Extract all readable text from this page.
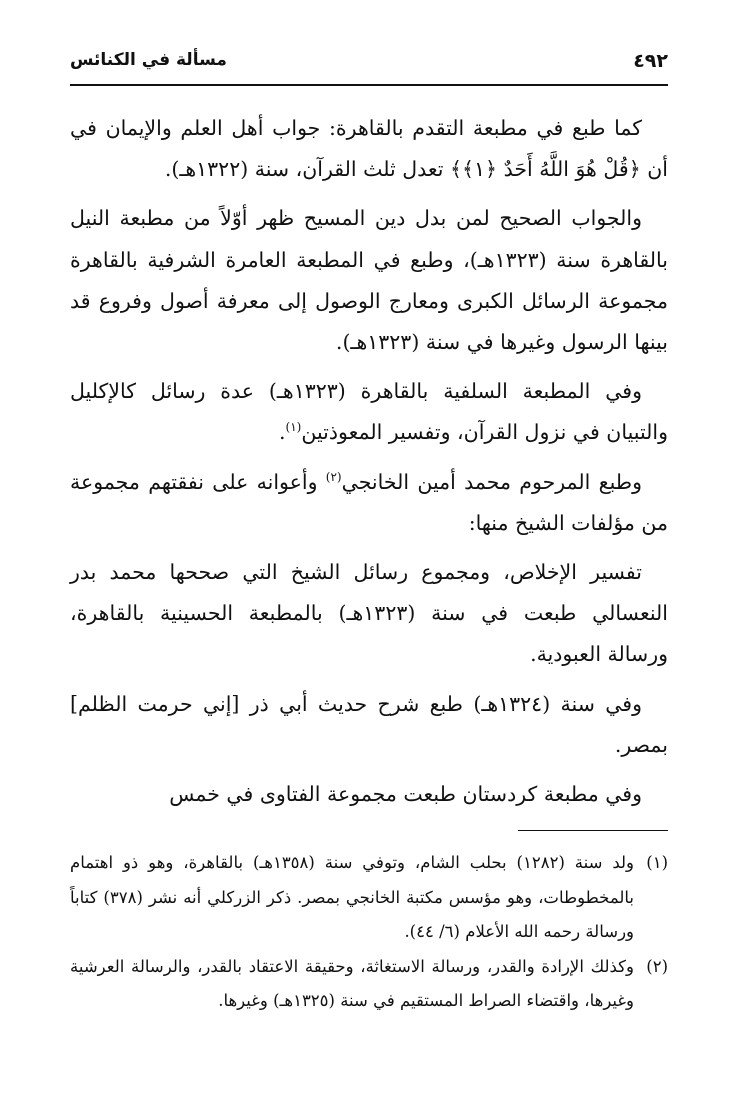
٤٩٢
مسألة في الكنائس

كما طبع في مطبعة التقدم بالقاهرة: جواب أهل العلم والإيمان في أن ﴿قُلْ هُوَ اللَّهُ أَحَدٌ ﴿١﴾﴾ تعدل ثلث القرآن، سنة (١٣٢٢هـ).

والجواب الصحيح لمن بدل دين المسيح ظهر أوّلاً من مطبعة النيل بالقاهرة سنة (١٣٢٣هـ)، وطبع في المطبعة العامرة الشرفية بالقاهرة مجموعة الرسائل الكبرى ومعارج الوصول إلى معرفة أصول وفروع قد بينها الرسول وغيرها في سنة (١٣٢٣هـ).

وفي المطبعة السلفية بالقاهرة (١٣٢٣هـ) عدة رسائل كالإكليل والتبيان في نزول القرآن، وتفسير المعوذتين$^{(١)}$.

وطبع المرحوم محمد أمين الخانجي$^{(٢)}$ وأعوانه على نفقتهم مجموعة من مؤلفات الشيخ منها:

تفسير الإخلاص، ومجموع رسائل الشيخ التي صححها محمد بدر النعسالي طبعت في سنة (١٣٢٣هـ) بالمطبعة الحسينية بالقاهرة، ورسالة العبودية.

وفي سنة (١٣٢٤هـ) طبع شرح حديث أبي ذر [إني حرمت الظلم] بمصر.

وفي مطبعة كردستان طبعت مجموعة الفتاوى في خمس

(١)
ولد سنة (١٢٨٢) بحلب الشام، وتوفي سنة (١٣٥٨هـ) بالقاهرة، وهو ذو اهتمام بالمخطوطات، وهو مؤسس مكتبة الخانجي بمصر. ذكر الزركلي أنه نشر (٣٧٨) كتاباً ورسالة رحمه الله الأعلام (٦/ ٤٤).

(٢)
وكذلك الإرادة والقدر، ورسالة الاستغاثة، وحقيقة الاعتقاد بالقدر، والرسالة العرشية وغيرها، واقتضاء الصراط المستقيم في سنة (١٣٢٥هـ) وغيرها.
